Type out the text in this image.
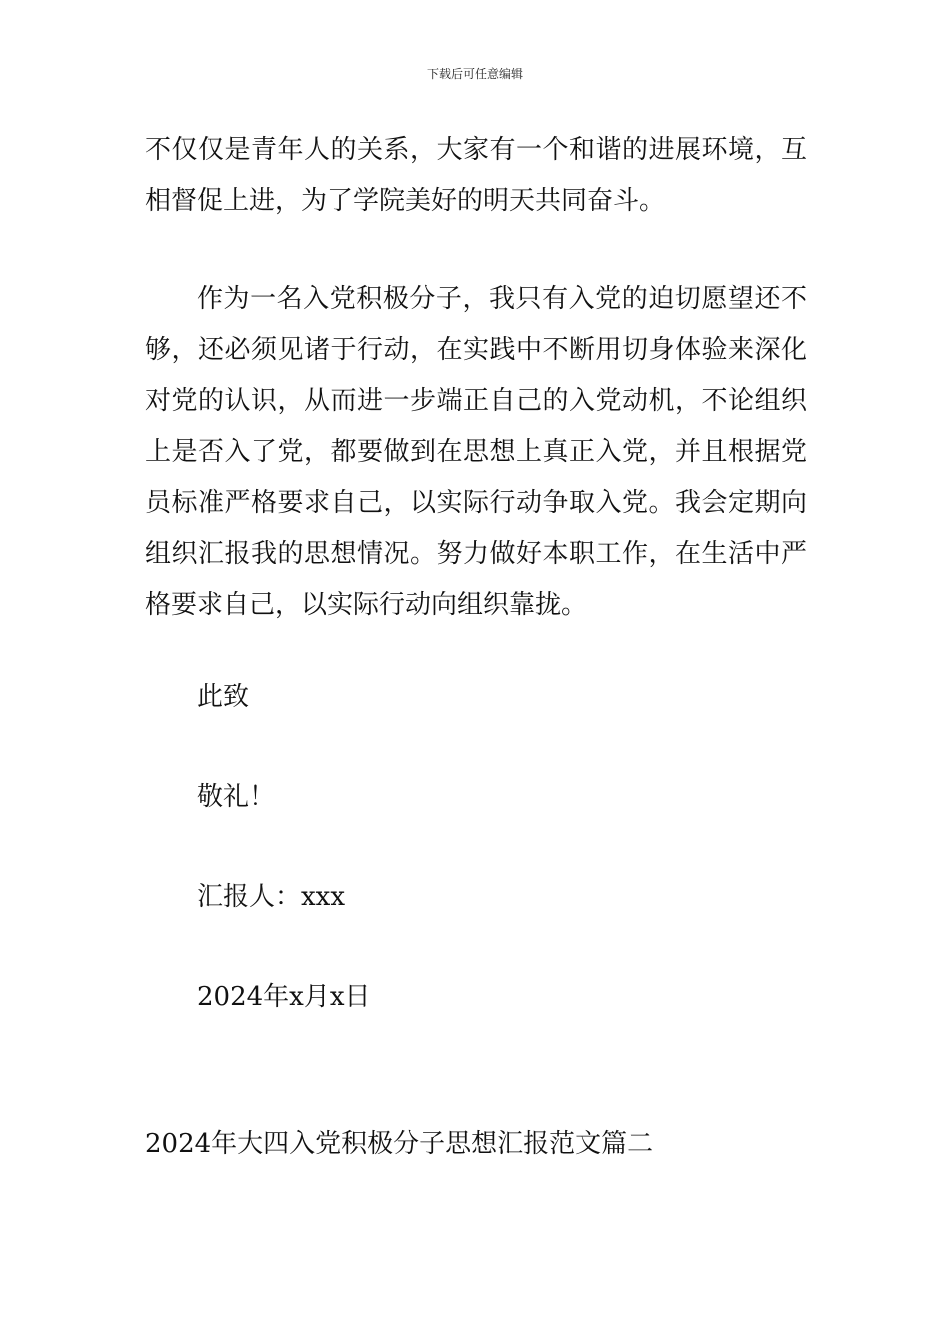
下载后可任意编辑

不仅仅是青年人的关系，大家有一个和谐的进展环境，互相督促上进，为了学院美好的明天共同奋斗。

作为一名入党积极分子，我只有入党的迫切愿望还不够，还必须见诸于行动，在实践中不断用切身体验来深化对党的认识，从而进一步端正自己的入党动机，不论组织上是否入了党，都要做到在思想上真正入党，并且根据党员标准严格要求自己，以实际行动争取入党。我会定期向组织汇报我的思想情况。努力做好本职工作，在生活中严格要求自己，以实际行动向组织靠拢。

此致

敬礼！

汇报人：xxx

2024年x月x日

2024年大四入党积极分子思想汇报范文篇二
